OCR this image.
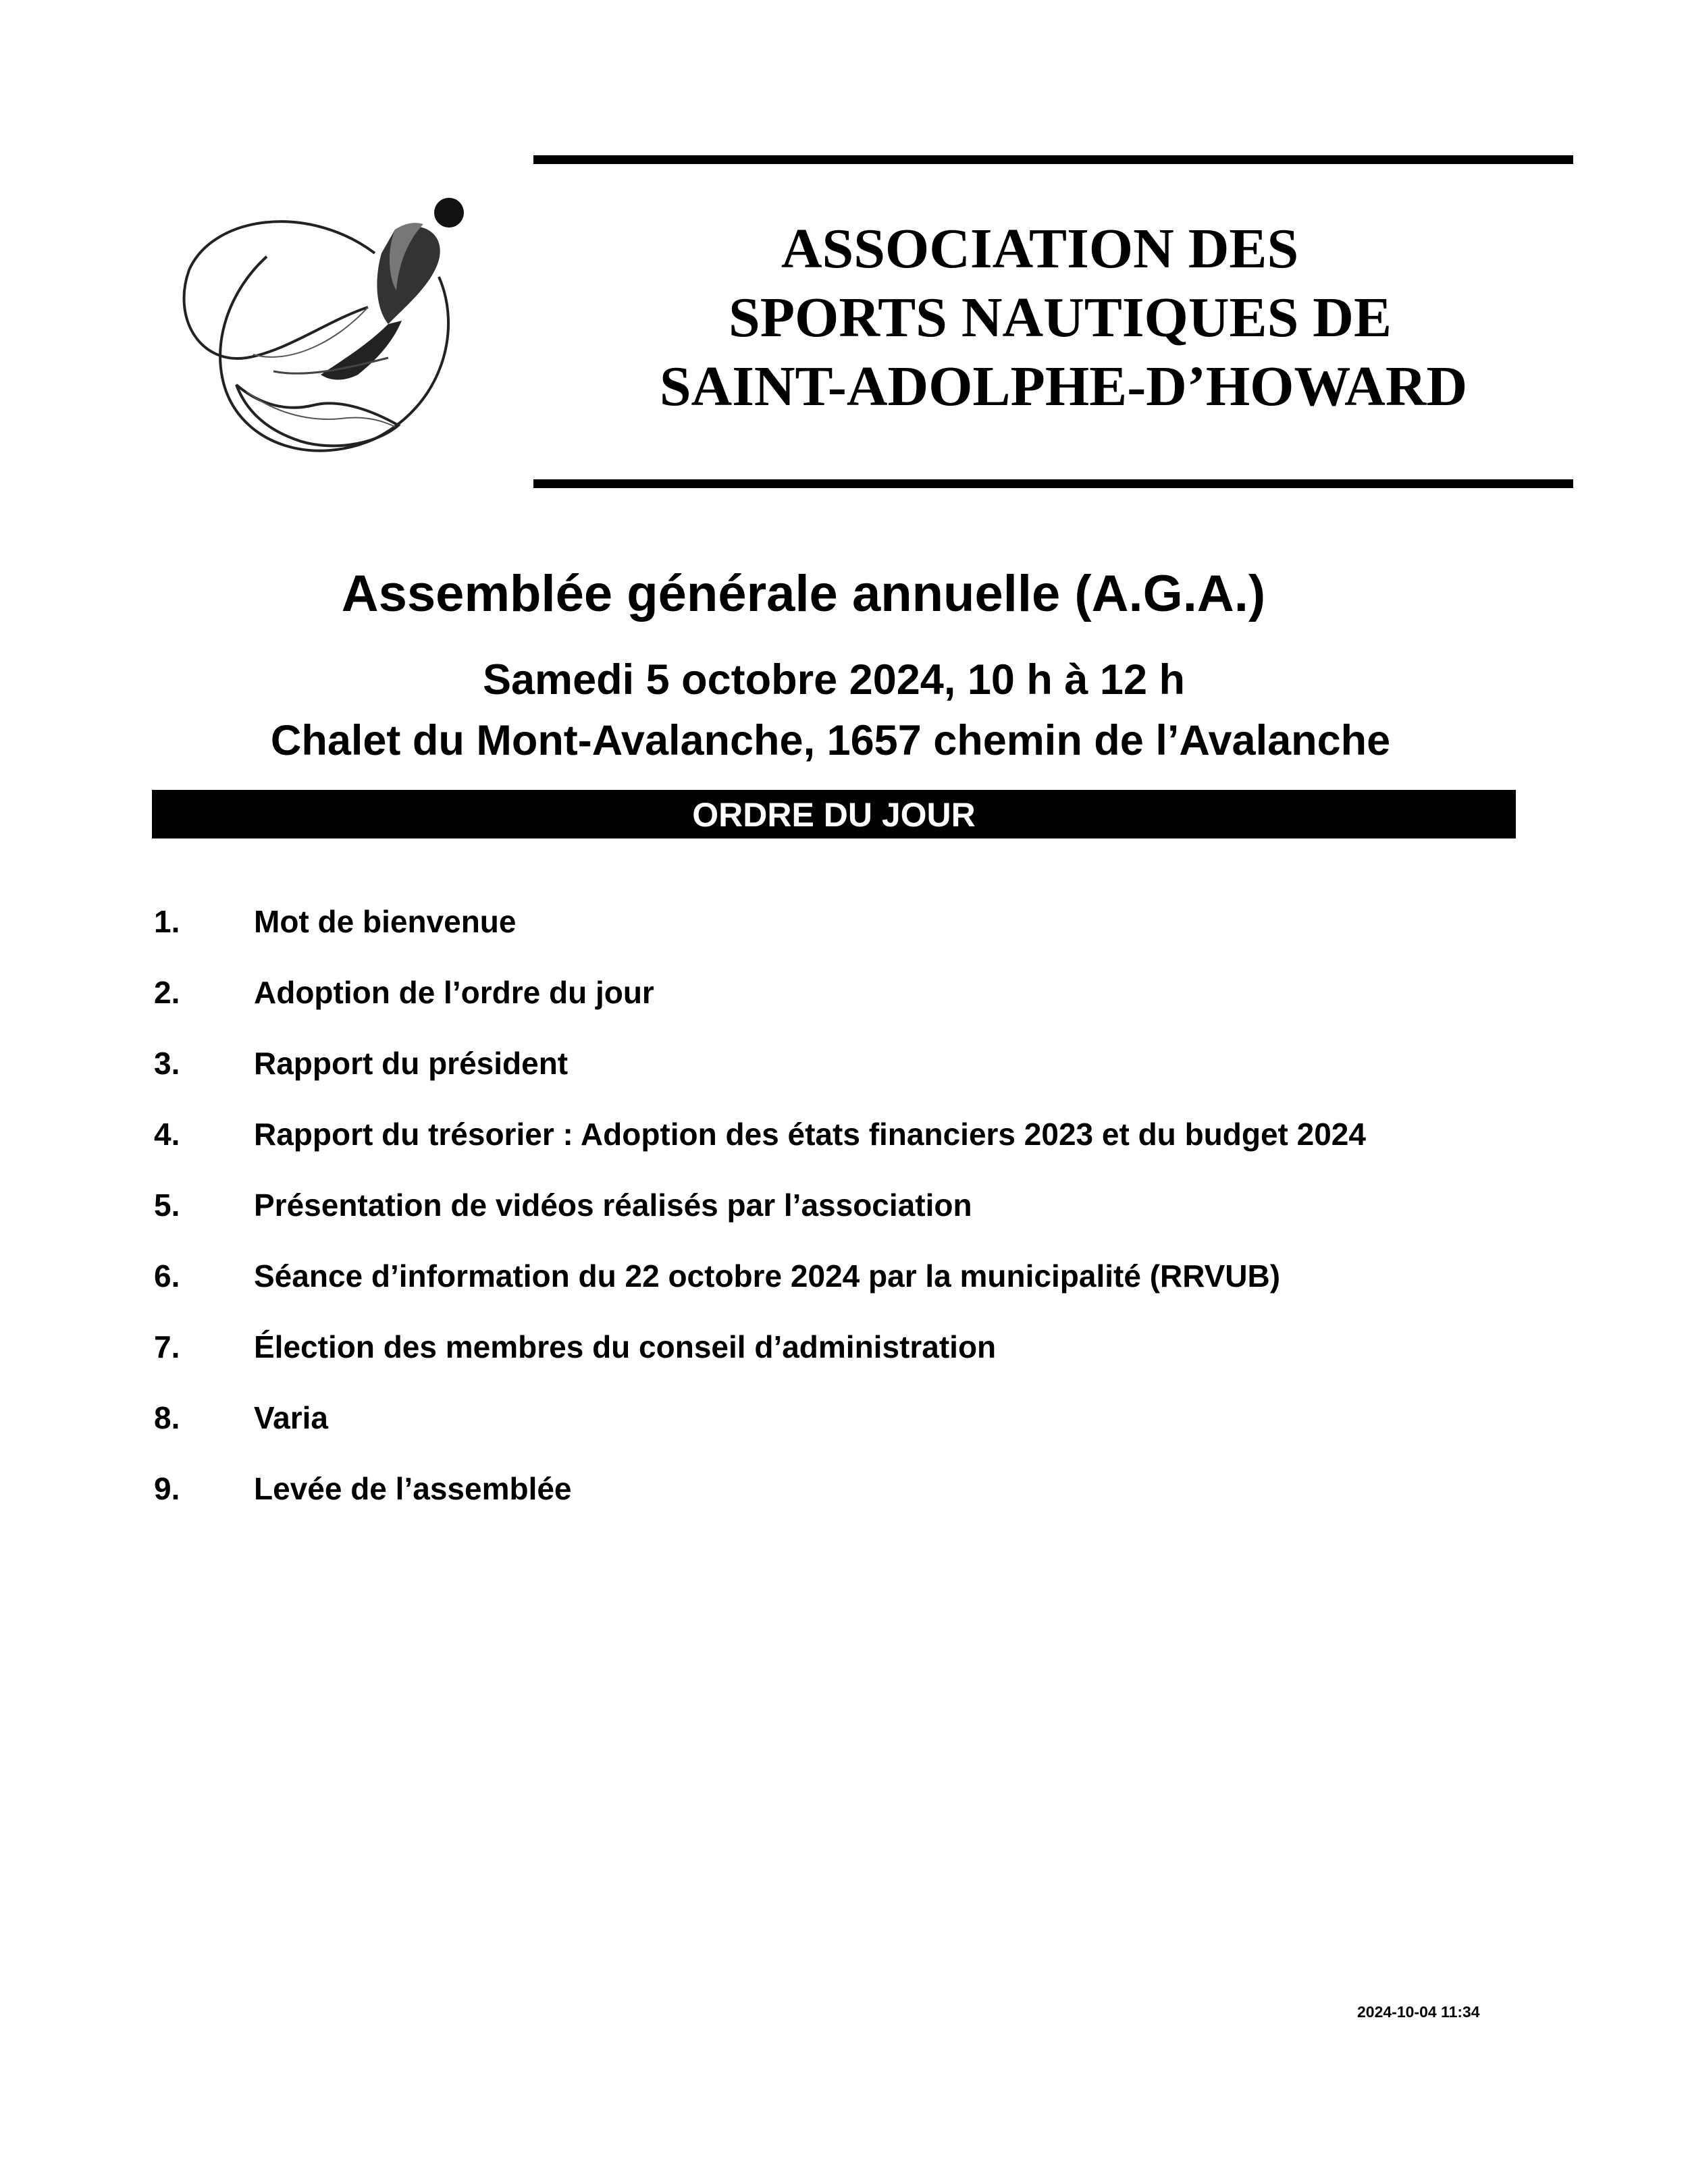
ASSOCIATION DES
SPORTS NAUTIQUES DE
SAINT-ADOLPHE-D’HOWARD
Assemblée générale annuelle (A.G.A.)
Samedi 5 octobre 2024, 10 h à 12 h
Chalet du Mont-Avalanche, 1657 chemin de l’Avalanche
ORDRE DU JOUR
1.	Mot de bienvenue
2.	Adoption de l’ordre du jour
3.	Rapport du président
4.	Rapport du trésorier : Adoption des états financiers 2023 et du budget 2024
5.	Présentation de vidéos réalisés par l’association
6.	Séance d’information du 22 octobre 2024 par la municipalité (RRVUB)
7.	Élection des membres du conseil d’administration
8.	Varia
9.	Levée de l’assemblée
2024-10-04 11:34
